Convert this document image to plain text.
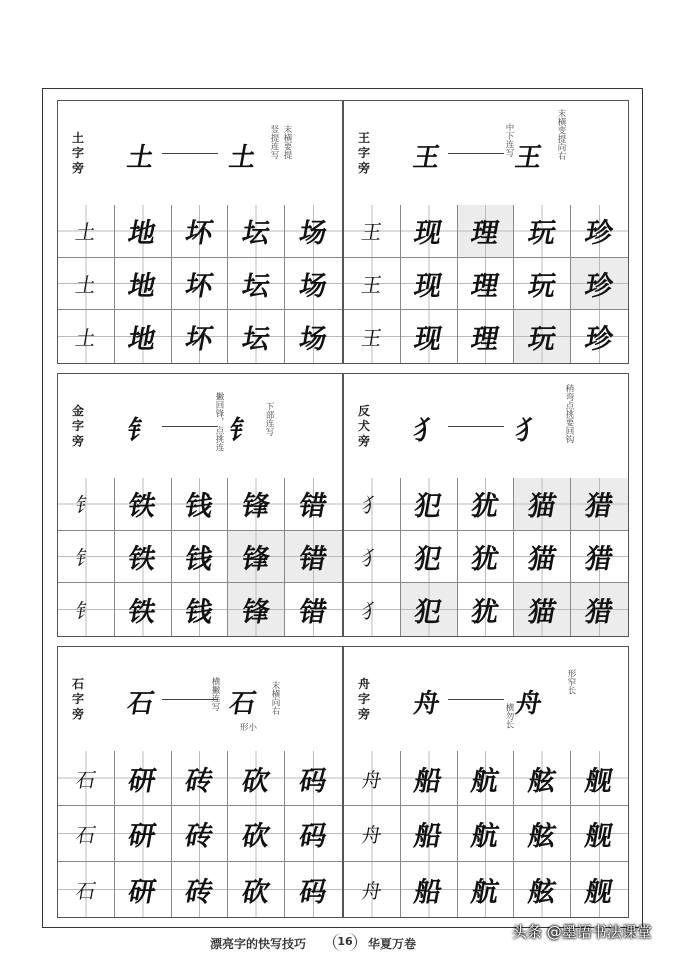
土字旁 土	土	末横要提
竖提连写
土 地 坏 坛 场
土 地 坏 坛 场
土 地 坏 坛 场
王字旁 王	王 末横变提向右
中下连写
王 现 理 玩 珍
王 现 理 玩 珍
王 现 理 玩 珍
金字旁 钅	钅
撇回锋，点挑连	下部连写
钅 铁 钱 锋 错
钅 铁 钱 锋 错
钅 铁 钱 锋 错
反犬旁 犭	犭 稍弯点挑要回钩
犭 犯 犹 猫 猎
犭 犯 犹 猫 猎
犭 犯 犹 猫 猎
石字旁 石	石
横撇连写	末横向右
形小
石 研 砖 砍 码
石 研 砖 砍 码
石 研 砖 砍 码
舟字旁 舟	舟
形窄长
横勿长
舟 船 航 舷 舰
舟 船 航 舷 舰
舟 船 航 舷 舰
漂亮字的快写技巧	16	华夏万卷
头条 @墨语书法课堂
